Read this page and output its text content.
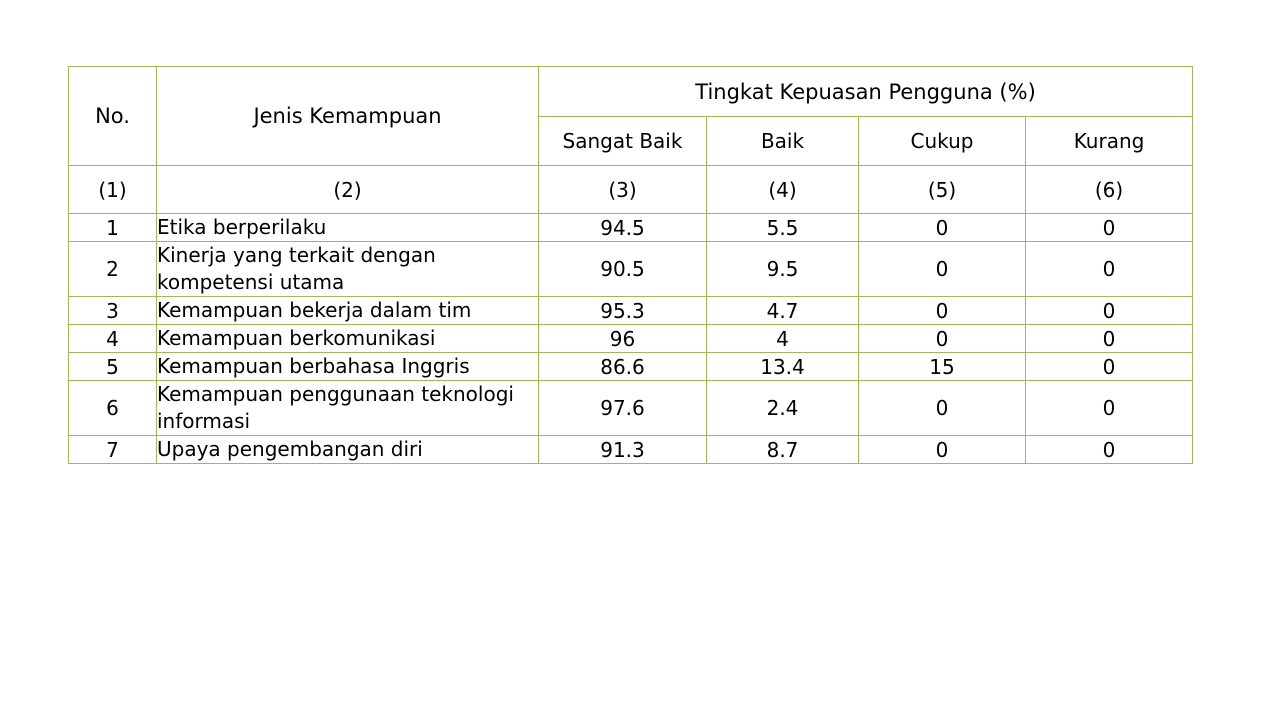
No.	Jenis Kemampuan	Tingkat Kepuasan Pengguna (%)			
		Sangat Baik	Baik	Cukup	Kurang
(1)	(2)	(3)	(4)	(5)	(6)
1	Etika berperilaku	94.5	5.5	0	0
2	Kinerja yang terkait dengan kompetensi utama	90.5	9.5	0	0
3	Kemampuan bekerja dalam tim	95.3	4.7	0	0
4	Kemampuan berkomunikasi	96	4	0	0
5	Kemampuan berbahasa Inggris	86.6	13.4	15	0
6	Kemampuan penggunaan teknologi informasi	97.6	2.4	0	0
7	Upaya pengembangan diri	91.3	8.7	0	0
